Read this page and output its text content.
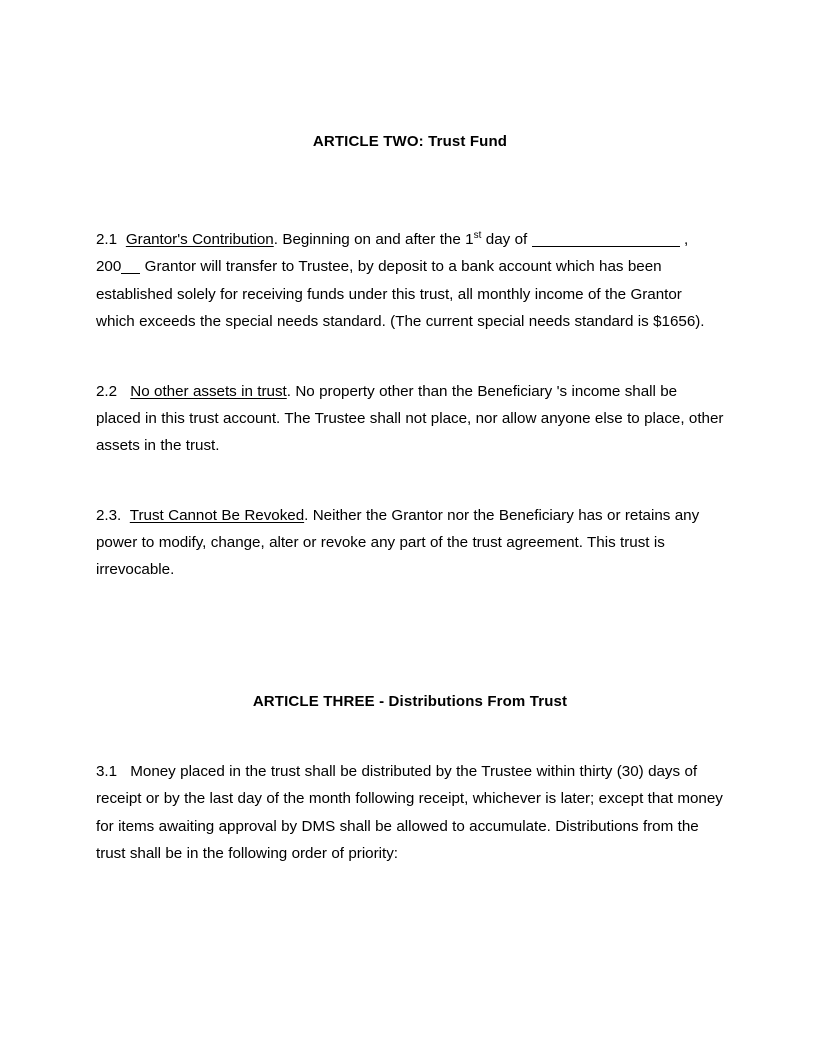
ARTICLE TWO: Trust Fund

2.1 Grantor's Contribution. Beginning on and after the 1st day of	,
200 Grantor will transfer to Trustee, by deposit to a bank account which has been established solely for receiving funds under this trust, all monthly income of the Grantor which exceeds the special needs standard. (The current special needs standard is $1656).

2.2 No other assets in trust. No property other than the Beneficiary 's income shall be placed in this trust account. The Trustee shall not place, nor allow anyone else to place, other assets in the trust.

2.3. Trust Cannot Be Revoked. Neither the Grantor nor the Beneficiary has or retains any power to modify, change, alter or revoke any part of the trust agreement. This trust is irrevocable.

ARTICLE THREE - Distributions From Trust

3.1 Money placed in the trust shall be distributed by the Trustee within thirty (30) days of receipt or by the last day of the month following receipt, whichever is later; except that money for items awaiting approval by DMS shall be allowed to accumulate. Distributions from the trust shall be in the following order of priority:
